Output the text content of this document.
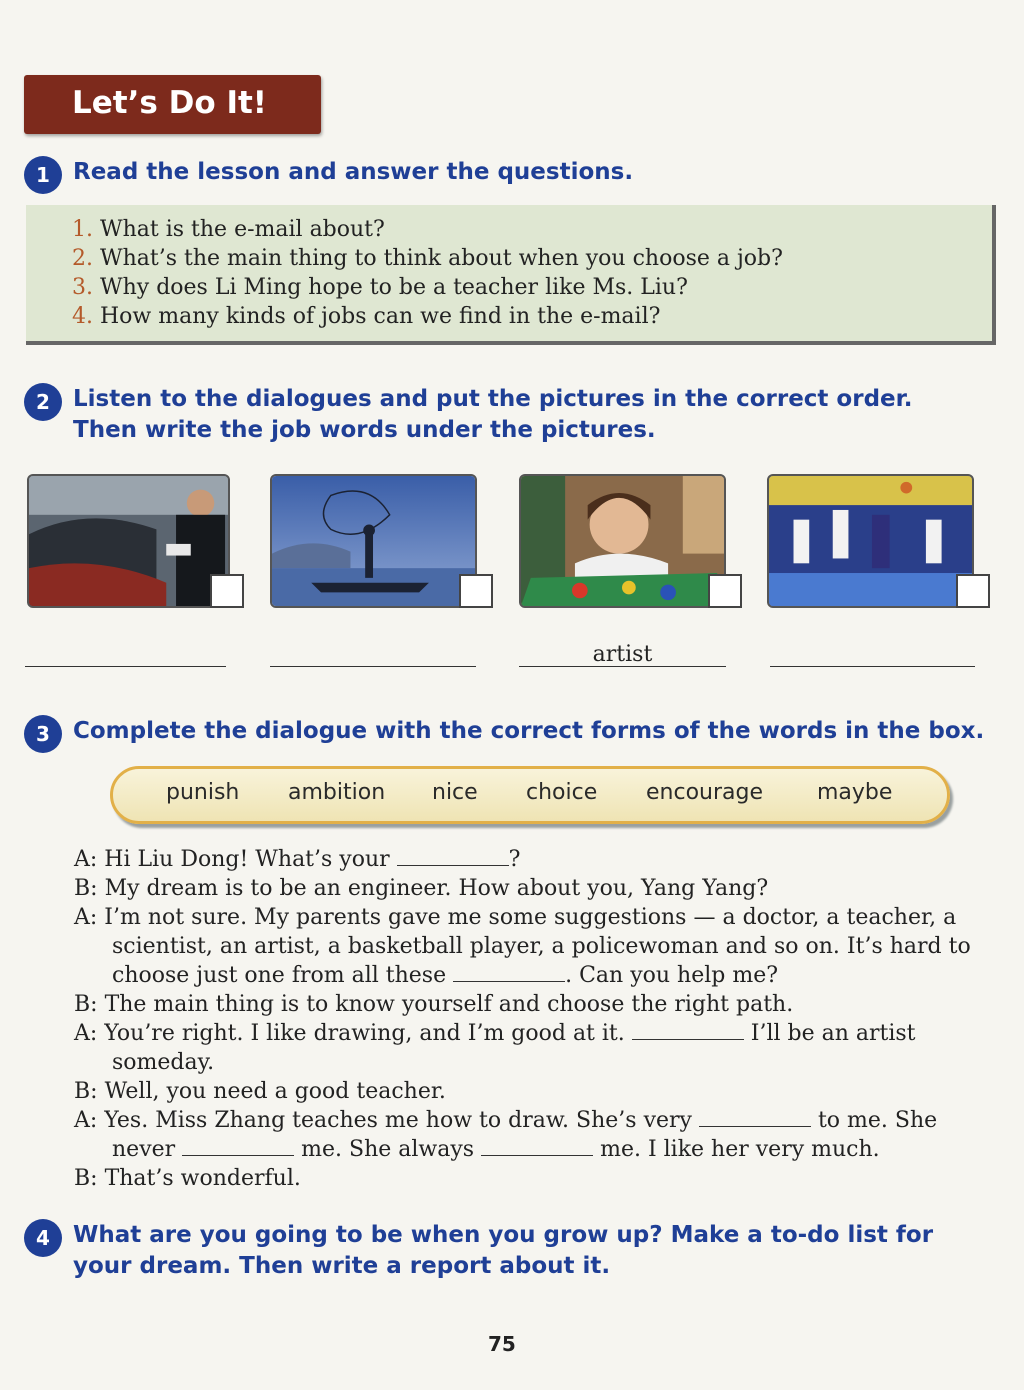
Let’s Do It!
1	Read the lesson and answer the questions.
1. What is the e-mail about?
2. What’s the main thing to think about when you choose a job?
3. Why does Li Ming hope to be a teacher like Ms. Liu?
4. How many kinds of jobs can we find in the e-mail?
2	Listen to the dialogues and put the pictures in the correct order.
Then write the job words under the pictures.
artist
3	Complete the dialogue with the correct forms of the words in the box.
punish ambition nice choice encourage maybe
A: Hi Liu Dong! What’s your	?
B: My dream is to be an engineer. How about you, Yang Yang?
A: I’m not sure. My parents gave me some suggestions — a doctor, a teacher, a
scientist, an artist, a basketball player, a policewoman and so on. It’s hard to
choose just one from all these	. Can you help me?
B: The main thing is to know yourself and choose the right path.
A: You’re right. I like drawing, and I’m good at it.	I’ll be an artist
someday.
B: Well, you need a good teacher.
A: Yes. Miss Zhang teaches me how to draw. She’s very	to me. She
never	me. She always	me. I like her very much.
B: That’s wonderful.
4	What are you going to be when you grow up? Make a to-do list for
your dream. Then write a report about it.
75
